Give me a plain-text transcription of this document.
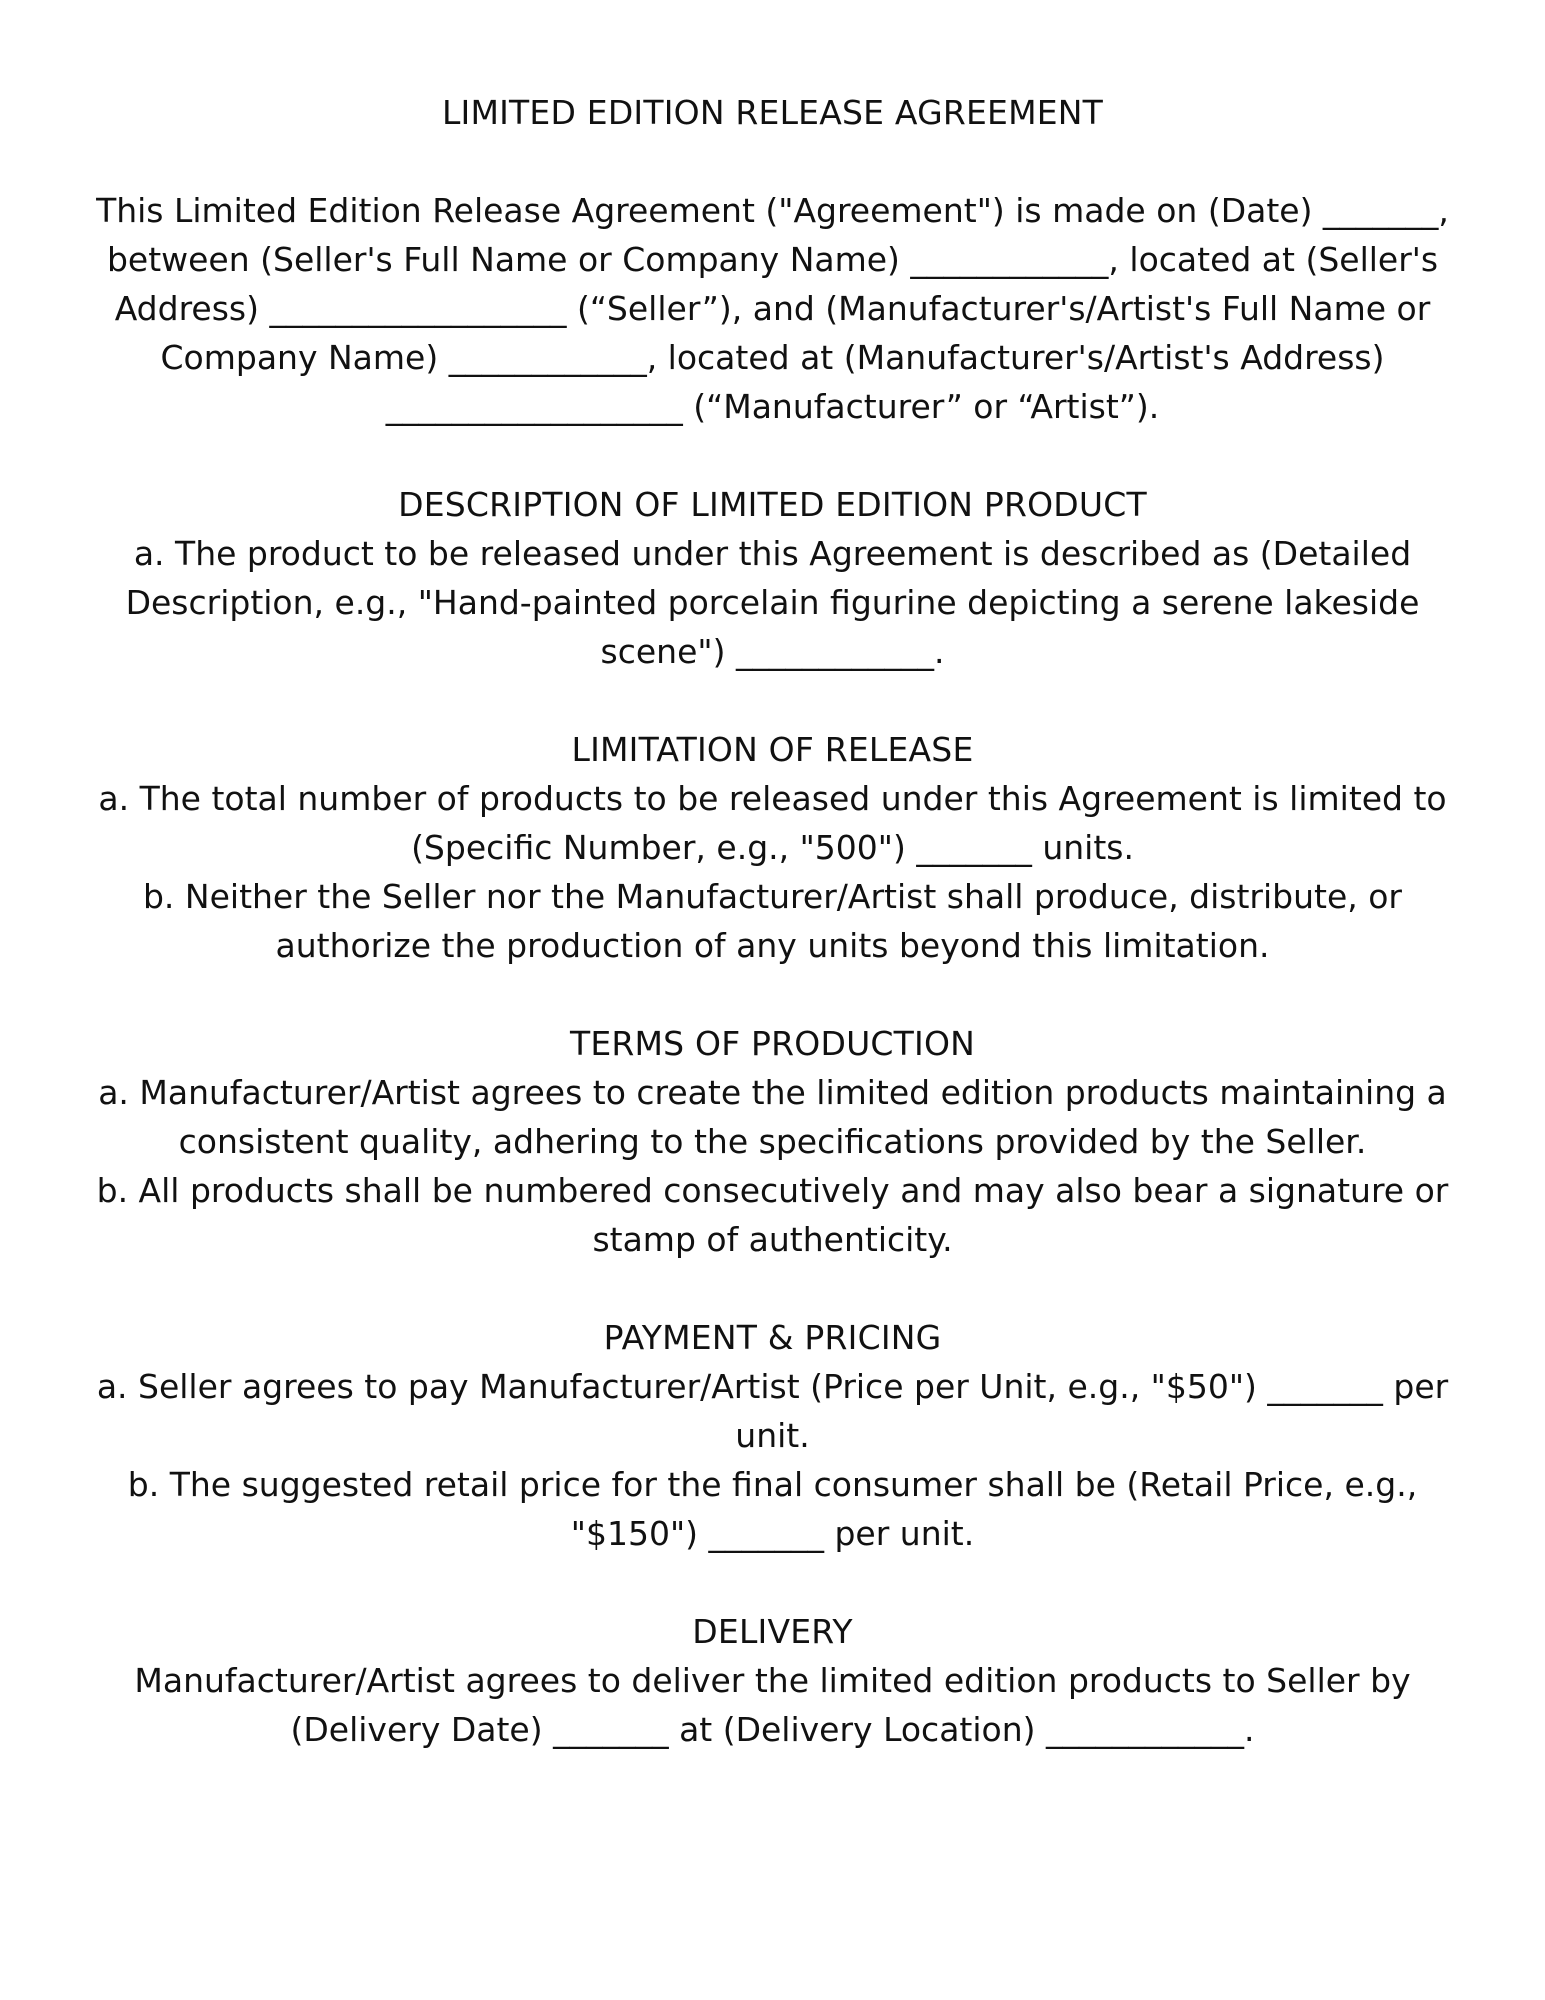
LIMITED EDITION RELEASE AGREEMENT

This Limited Edition Release Agreement ("Agreement") is made on (Date) _______, between (Seller's Full Name or Company Name) ____________, located at (Seller's Address) __________________ (“Seller”), and (Manufacturer's/Artist's Full Name or Company Name) ____________, located at (Manufacturer's/Artist's Address) __________________ (“Manufacturer” or “Artist”).

DESCRIPTION OF LIMITED EDITION PRODUCT

a. The product to be released under this Agreement is described as (Detailed Description, e.g., "Hand-painted porcelain figurine depicting a serene lakeside scene") ____________.

LIMITATION OF RELEASE

a. The total number of products to be released under this Agreement is limited to (Specific Number, e.g., "500") _______ units.

b. Neither the Seller nor the Manufacturer/Artist shall produce, distribute, or authorize the production of any units beyond this limitation.

TERMS OF PRODUCTION

a. Manufacturer/Artist agrees to create the limited edition products maintaining a consistent quality, adhering to the specifications provided by the Seller.

b. All products shall be numbered consecutively and may also bear a signature or stamp of authenticity.

PAYMENT & PRICING

a. Seller agrees to pay Manufacturer/Artist (Price per Unit, e.g., "$50") _______ per unit.

b. The suggested retail price for the final consumer shall be (Retail Price, e.g., "$150") _______ per unit.

DELIVERY

Manufacturer/Artist agrees to deliver the limited edition products to Seller by (Delivery Date) _______ at (Delivery Location) ____________.
